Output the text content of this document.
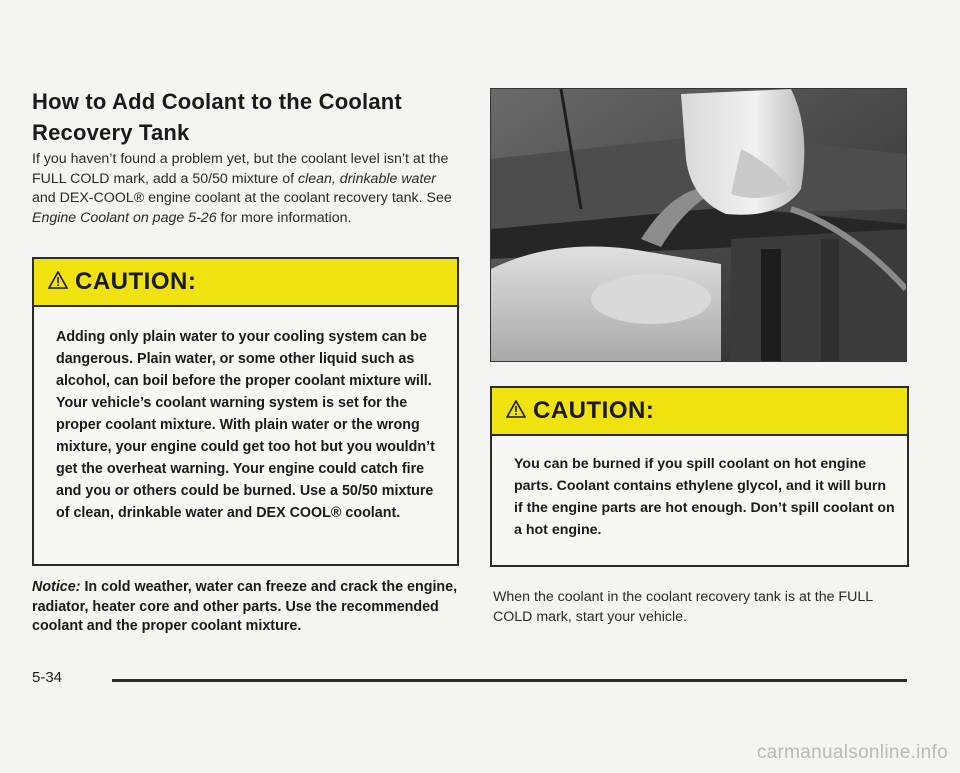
How to Add Coolant to the Coolant Recovery Tank

If you haven’t found a problem yet, but the coolant level isn’t at the FULL COLD mark, add a 50/50 mixture of clean, drinkable water and DEX-COOL® engine coolant at the coolant recovery tank. See Engine Coolant on page 5-26 for more information.

CAUTION:
Adding only plain water to your cooling system can be dangerous. Plain water, or some other liquid such as alcohol, can boil before the proper coolant mixture will. Your vehicle’s coolant warning system is set for the proper coolant mixture. With plain water or the wrong mixture, your engine could get too hot but you wouldn’t get the overheat warning. Your engine could catch fire and you or others could be burned. Use a 50/50 mixture of clean, drinkable water and DEX COOL® coolant.

Notice: In cold weather, water can freeze and crack the engine, radiator, heater core and other parts. Use the recommended coolant and the proper coolant mixture.

CAUTION:
You can be burned if you spill coolant on hot engine parts. Coolant contains ethylene glycol, and it will burn if the engine parts are hot enough. Don’t spill coolant on a hot engine.

When the coolant in the coolant recovery tank is at the FULL COLD mark, start your vehicle.

5-34
carmanualsonline.info
